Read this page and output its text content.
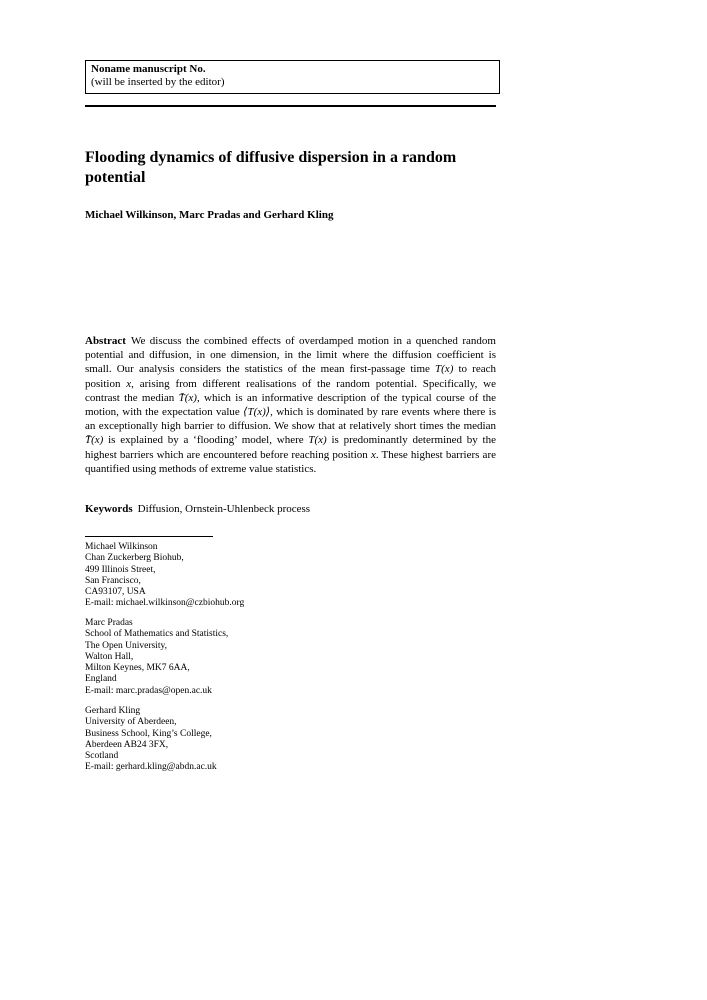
Noname manuscript No.
(will be inserted by the editor)
Flooding dynamics of diffusive dispersion in a random potential
Michael Wilkinson, Marc Pradas and Gerhard Kling

Abstract We discuss the combined effects of overdamped motion in a quenched random potential and diffusion, in one dimension, in the limit where the diffusion coefficient is small. Our analysis considers the statistics of the mean first-passage time T(x) to reach position x, arising from different realisations of the random potential. Specifically, we contrast the median T̄(x), which is an informative description of the typical course of the motion, with the expectation value ⟨T(x)⟩, which is dominated by rare events where there is an exceptionally high barrier to diffusion. We show that at relatively short times the median T̄(x) is explained by a ‘flooding’ model, where T(x) is predominantly determined by the highest barriers which are encountered before reaching position x. These highest barriers are quantified using methods of extreme value statistics.

Keywords Diffusion, Ornstein-Uhlenbeck process
Michael Wilkinson
Chan Zuckerberg Biohub,
499 Illinois Street,
San Francisco,
CA93107, USA
E-mail: michael.wilkinson@czbiohub.org
Marc Pradas
School of Mathematics and Statistics,
The Open University,
Walton Hall,
Milton Keynes, MK7 6AA,
England
E-mail: marc.pradas@open.ac.uk
Gerhard Kling
University of Aberdeen,
Business School, King’s College,
Aberdeen AB24 3FX,
Scotland
E-mail: gerhard.kling@abdn.ac.uk
